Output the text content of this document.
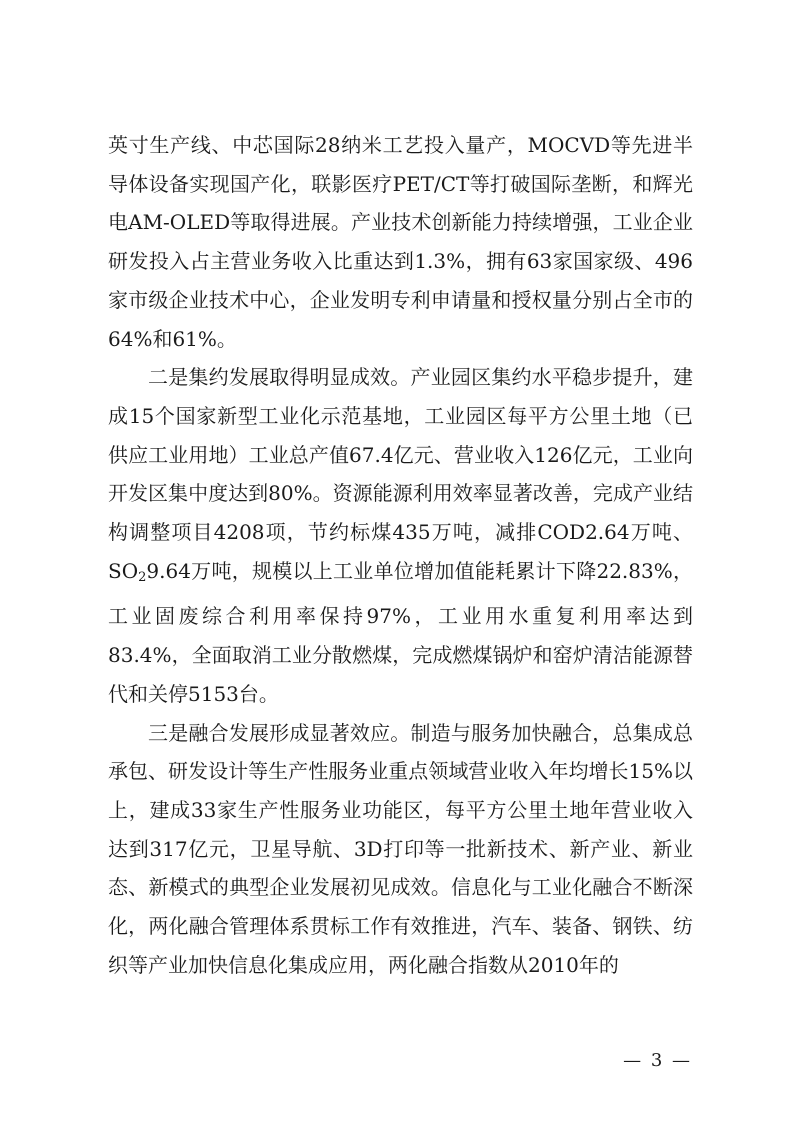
英寸生产线、中芯国际28纳米工艺投入量产，MOCVD等先进半导体设备实现国产化，联影医疗PET/CT等打破国际垄断，和辉光电AM-OLED等取得进展。产业技术创新能力持续增强，工业企业研发投入占主营业务收入比重达到1.3%，拥有63家国家级、496家市级企业技术中心，企业发明专利申请量和授权量分别占全市的64%和61%。

二是集约发展取得明显成效。产业园区集约水平稳步提升，建成15个国家新型工业化示范基地，工业园区每平方公里土地（已供应工业用地）工业总产值67.4亿元、营业收入126亿元，工业向开发区集中度达到80%。资源能源利用效率显著改善，完成产业结构调整项目4208项，节约标煤435万吨，减排COD2.64万吨、$SO_29.64$万吨，规模以上工业单位增加值能耗累计下降22.83%，工业固废综合利用率保持97%，工业用水重复利用率达到83.4%，全面取消工业分散燃煤，完成燃煤锅炉和窑炉清洁能源替代和关停5153台。

三是融合发展形成显著效应。制造与服务加快融合，总集成总承包、研发设计等生产性服务业重点领域营业收入年均增长15%以上，建成33家生产性服务业功能区，每平方公里土地年营业收入达到317亿元，卫星导航、3D打印等一批新技术、新产业、新业态、新模式的典型企业发展初见成效。信息化与工业化融合不断深化，两化融合管理体系贯标工作有效推进，汽车、装备、钢铁、纺织等产业加快信息化集成应用，两化融合指数从2010年的

— 3 —
